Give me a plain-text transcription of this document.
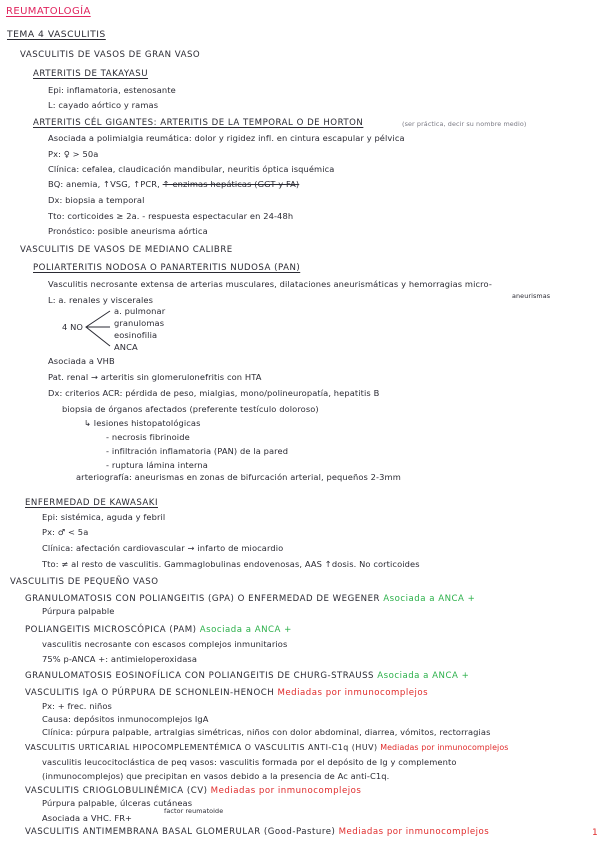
REUMATOLOGÍA
TEMA 4 VASCULITIS
VASCULITIS DE VASOS DE GRAN VASO
ARTERITIS DE TAKAYASU
Epi: inflamatoria, estenosante
L: cayado aórtico y ramas
ARTERITIS CÉL GIGANTES: ARTERITIS DE LA TEMPORAL O DE HORTON	(ser práctica, decir su nombre medio)
Asociada a polimialgia reumática: dolor y rigidez infl. en cintura escapular y pélvica
Px: ♀ > 50a
Clínica: cefalea, claudicación mandibular, neuritis óptica isquémica
BQ: anemia, ↑VSG, ↑PCR, ↑ enzimas hepáticas (GGT y FA)
Dx: biopsia a temporal
Tto: corticoides ≥ 2a. - respuesta espectacular en 24-48h
Pronóstico: posible aneurisma aórtica
VASCULITIS DE VASOS DE MEDIANO CALIBRE
POLIARTERITIS NODOSA O PANARTERITIS NUDOSA (PAN)
Vasculitis necrosante extensa de arterias musculares, dilataciones aneurismáticas y hemorragias micro-
aneurismas
L: a. renales y viscerales
4 NO
a. pulmonar
granulomas
eosinofilia
ANCA
Asociada a VHB
Pat. renal → arteritis sin glomerulonefritis con HTA
Dx: criterios ACR: pérdida de peso, mialgias, mono/polineuropatía, hepatitis B
biopsia de órganos afectados (preferente testículo doloroso)
↳ lesiones histopatológicas
- necrosis fibrinoide
- infiltración inflamatoria (PAN) de la pared
- ruptura lámina interna
arteriografía: aneurismas en zonas de bifurcación arterial, pequeños 2-3mm
ENFERMEDAD DE KAWASAKI
Epi: sistémica, aguda y febril
Px: ♂ < 5a
Clínica: afectación cardiovascular → infarto de miocardio
Tto: ≠ al resto de vasculitis. Gammaglobulinas endovenosas, AAS ↑dosis. No corticoides
VASCULITIS DE PEQUEÑO VASO
GRANULOMATOSIS CON POLIANGEITIS (GPA) O ENFERMEDAD DE WEGENER Asociada a ANCA +
Púrpura palpable
POLIANGEITIS MICROSCÓPICA (PAM) Asociada a ANCA +
vasculitis necrosante con escasos complejos inmunitarios
75% p-ANCA +: antimieloperoxidasa
GRANULOMATOSIS EOSINOFÍLICA CON POLIANGEITIS DE CHURG-STRAUSS Asociada a ANCA +
VASCULITIS IgA O PÚRPURA DE SCHONLEIN-HENOCH Mediadas por inmunocomplejos
Px: + frec. niños
Causa: depósitos inmunocomplejos IgA
Clínica: púrpura palpable, artralgias simétricas, niños con dolor abdominal, diarrea, vómitos, rectorragias
VASCULITIS URTICARIAL HIPOCOMPLEMENTÉMICA O VASCULITIS ANTI-C1q (HUV) Mediadas por inmunocomplejos
vasculitis leucocitoclástica de peq vasos: vasculitis formada por el depósito de Ig y complemento
(inmunocomplejos) que precipitan en vasos debido a la presencia de Ac anti-C1q.
VASCULITIS CRIOGLOBULINÉMICA (CV) Mediadas por inmunocomplejos
Púrpura palpable, úlceras cutáneas
factor reumatoide
Asociada a VHC. FR+
VASCULITIS ANTIMEMBRANA BASAL GLOMERULAR (Good-Pasture) Mediadas por inmunocomplejos	1
